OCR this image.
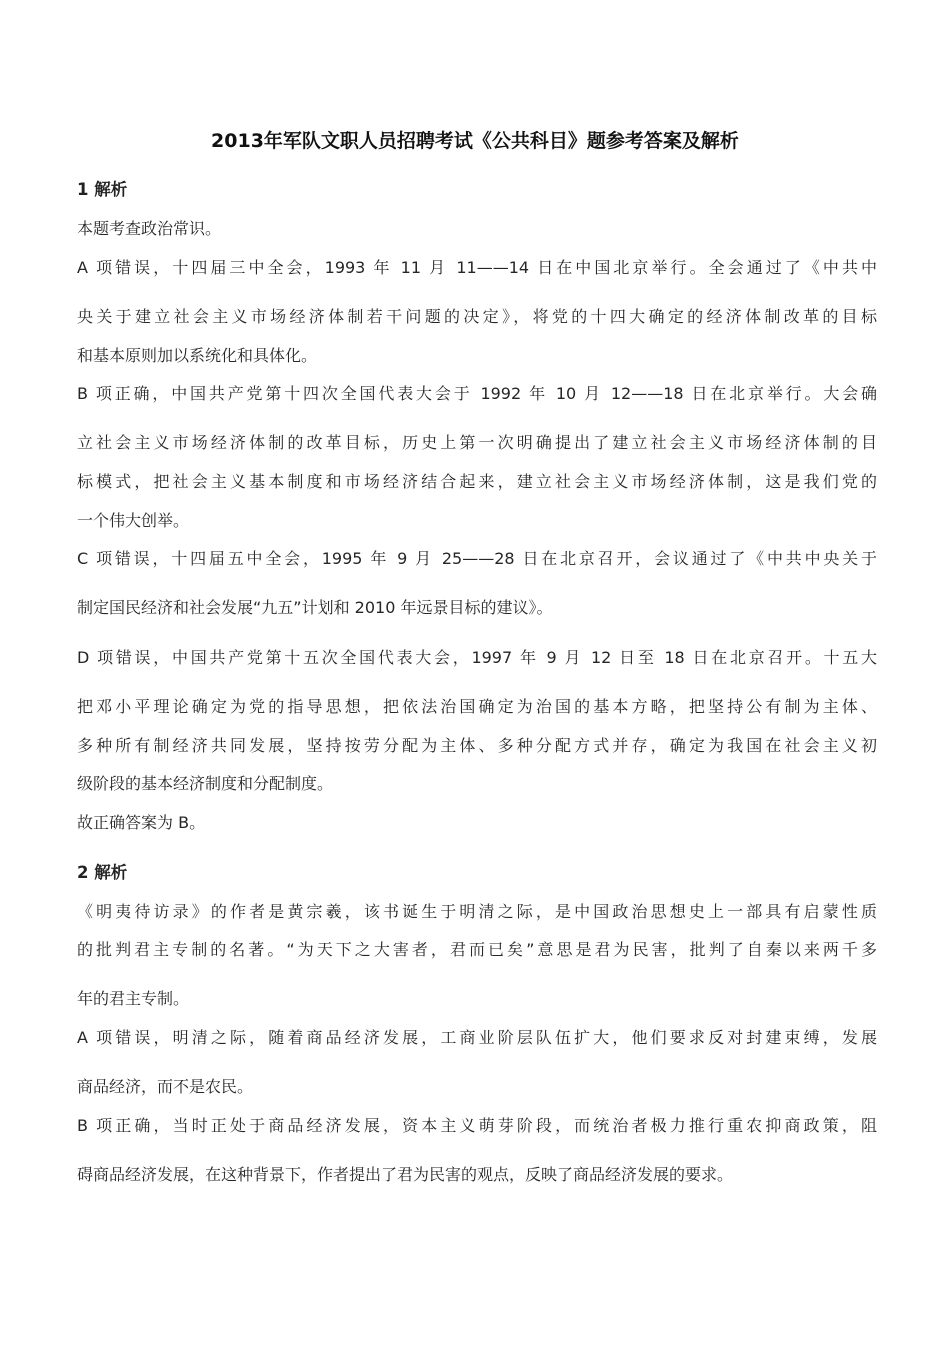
2013年军队文职人员招聘考试《公共科目》题参考答案及解析
1 解析
本题考查政治常识。
A 项错误，十四届三中全会，1993 年 11 月 11——14 日在中国北京举行。全会通过了《中共中
央关于建立社会主义市场经济体制若干问题的决定》，将党的十四大确定的经济体制改革的目标
和基本原则加以系统化和具体化。
B 项正确，中国共产党第十四次全国代表大会于 1992 年 10 月 12——18 日在北京举行。大会确
立社会主义市场经济体制的改革目标，历史上第一次明确提出了建立社会主义市场经济体制的目
标模式，把社会主义基本制度和市场经济结合起来，建立社会主义市场经济体制，这是我们党的
一个伟大创举。
C 项错误，十四届五中全会，1995 年 9 月 25——28 日在北京召开，会议通过了《中共中央关于
制定国民经济和社会发展“九五”计划和 2010 年远景目标的建议》。
D 项错误，中国共产党第十五次全国代表大会，1997 年 9 月 12 日至 18 日在北京召开。十五大
把邓小平理论确定为党的指导思想，把依法治国确定为治国的基本方略，把坚持公有制为主体、
多种所有制经济共同发展，坚持按劳分配为主体、多种分配方式并存，确定为我国在社会主义初
级阶段的基本经济制度和分配制度。
故正确答案为 B。
2 解析
《明夷待访录》的作者是黄宗羲，该书诞生于明清之际，是中国政治思想史上一部具有启蒙性质
的批判君主专制的名著。“为天下之大害者，君而已矣”意思是君为民害，批判了自秦以来两千多
年的君主专制。
A 项错误，明清之际，随着商品经济发展，工商业阶层队伍扩大，他们要求反对封建束缚，发展
商品经济，而不是农民。
B 项正确，当时正处于商品经济发展，资本主义萌芽阶段，而统治者极力推行重农抑商政策，阻
碍商品经济发展，在这种背景下，作者提出了君为民害的观点，反映了商品经济发展的要求。
